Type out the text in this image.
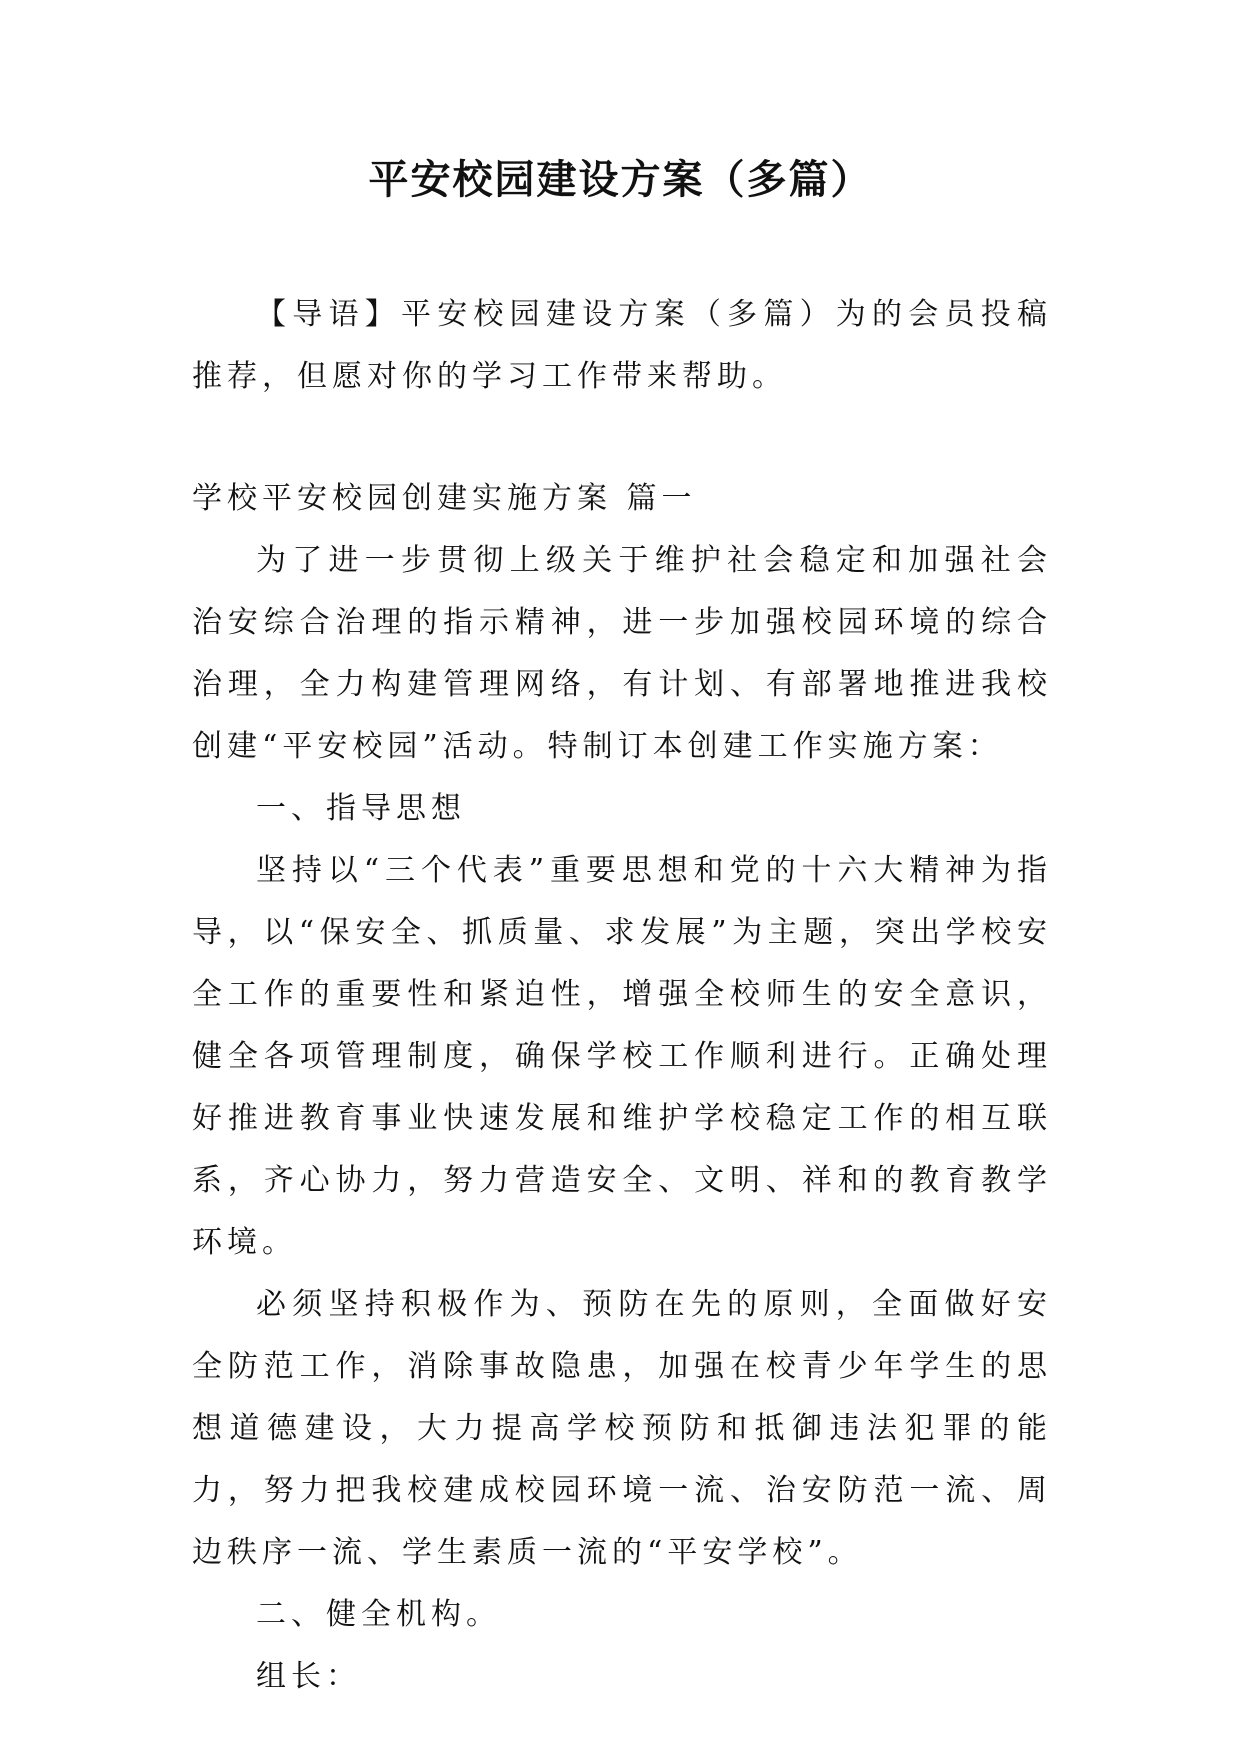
平安校园建设方案（多篇）

【导语】平安校园建设方案（多篇）为的会员投稿推荐，但愿对你的学习工作带来帮助。

学校平安校园创建实施方案 篇一

为了进一步贯彻上级关于维护社会稳定和加强社会治安综合治理的指示精神，进一步加强校园环境的综合治理，全力构建管理网络，有计划、有部署地推进我校创建“平安校园”活动。特制订本创建工作实施方案：

一、指导思想

坚持以“三个代表”重要思想和党的十六大精神为指导，以“保安全、抓质量、求发展”为主题，突出学校安全工作的重要性和紧迫性，增强全校师生的安全意识，健全各项管理制度，确保学校工作顺利进行。正确处理好推进教育事业快速发展和维护学校稳定工作的相互联系，齐心协力，努力营造安全、文明、祥和的教育教学环境。

必须坚持积极作为、预防在先的原则，全面做好安全防范工作，消除事故隐患，加强在校青少年学生的思想道德建设，大力提高学校预防和抵御违法犯罪的能力，努力把我校建成校园环境一流、治安防范一流、周边秩序一流、学生素质一流的“平安学校”。

二、健全机构。

组长：
